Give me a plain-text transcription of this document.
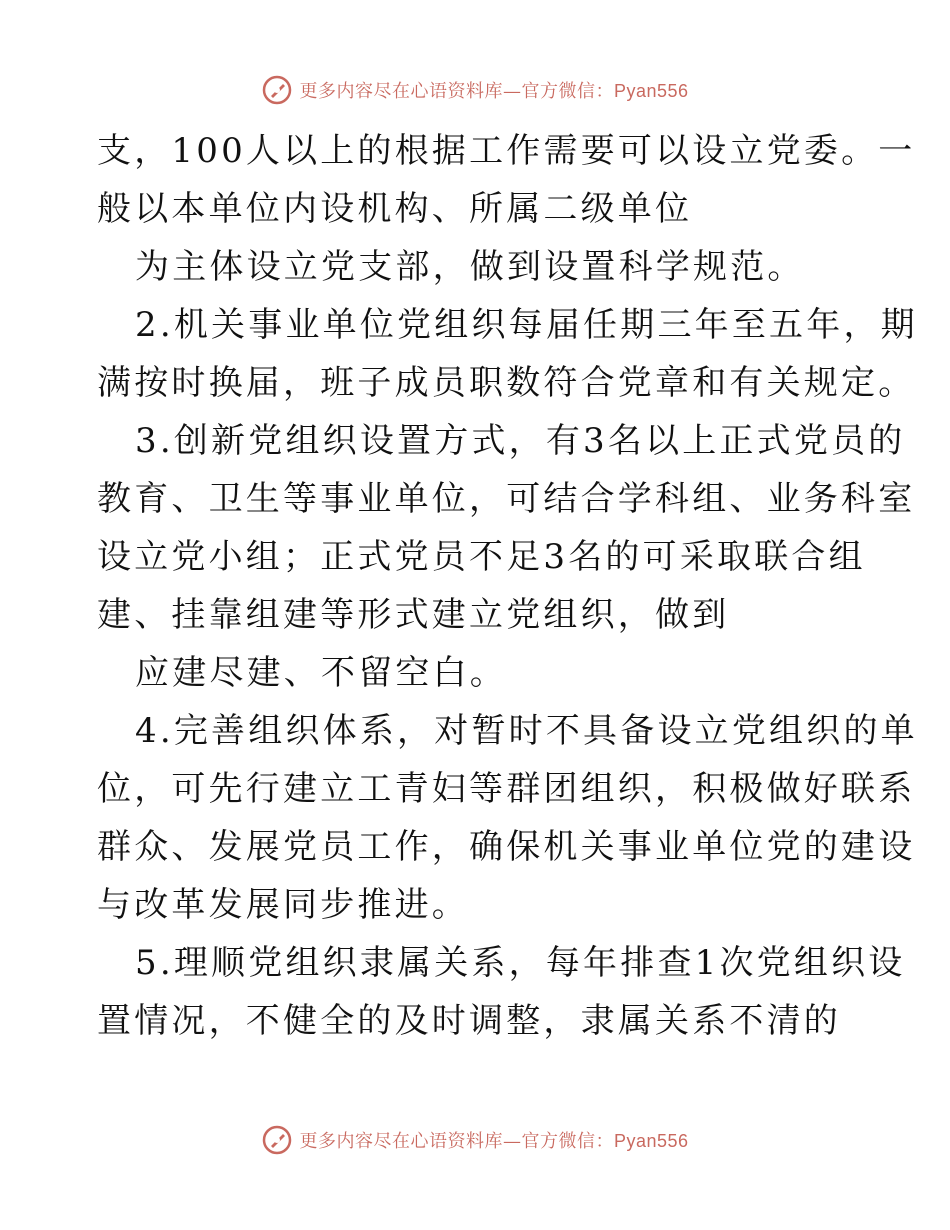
更多内容尽在心语资料库—官方微信：Pyan556
支，100人以上的根据工作需要可以设立党委。一
般以本单位内设机构、所属二级单位
为主体设立党支部，做到设置科学规范。
2.机关事业单位党组织每届任期三年至五年，期
满按时换届，班子成员职数符合党章和有关规定。
3.创新党组织设置方式，有3名以上正式党员的
教育、卫生等事业单位，可结合学科组、业务科室
设立党小组；正式党员不足3名的可采取联合组
建、挂靠组建等形式建立党组织，做到
应建尽建、不留空白。
4.完善组织体系，对暂时不具备设立党组织的单
位，可先行建立工青妇等群团组织，积极做好联系
群众、发展党员工作，确保机关事业单位党的建设
与改革发展同步推进。
5.理顺党组织隶属关系，每年排查1次党组织设
置情况，不健全的及时调整，隶属关系不清的
更多内容尽在心语资料库—官方微信：Pyan556
